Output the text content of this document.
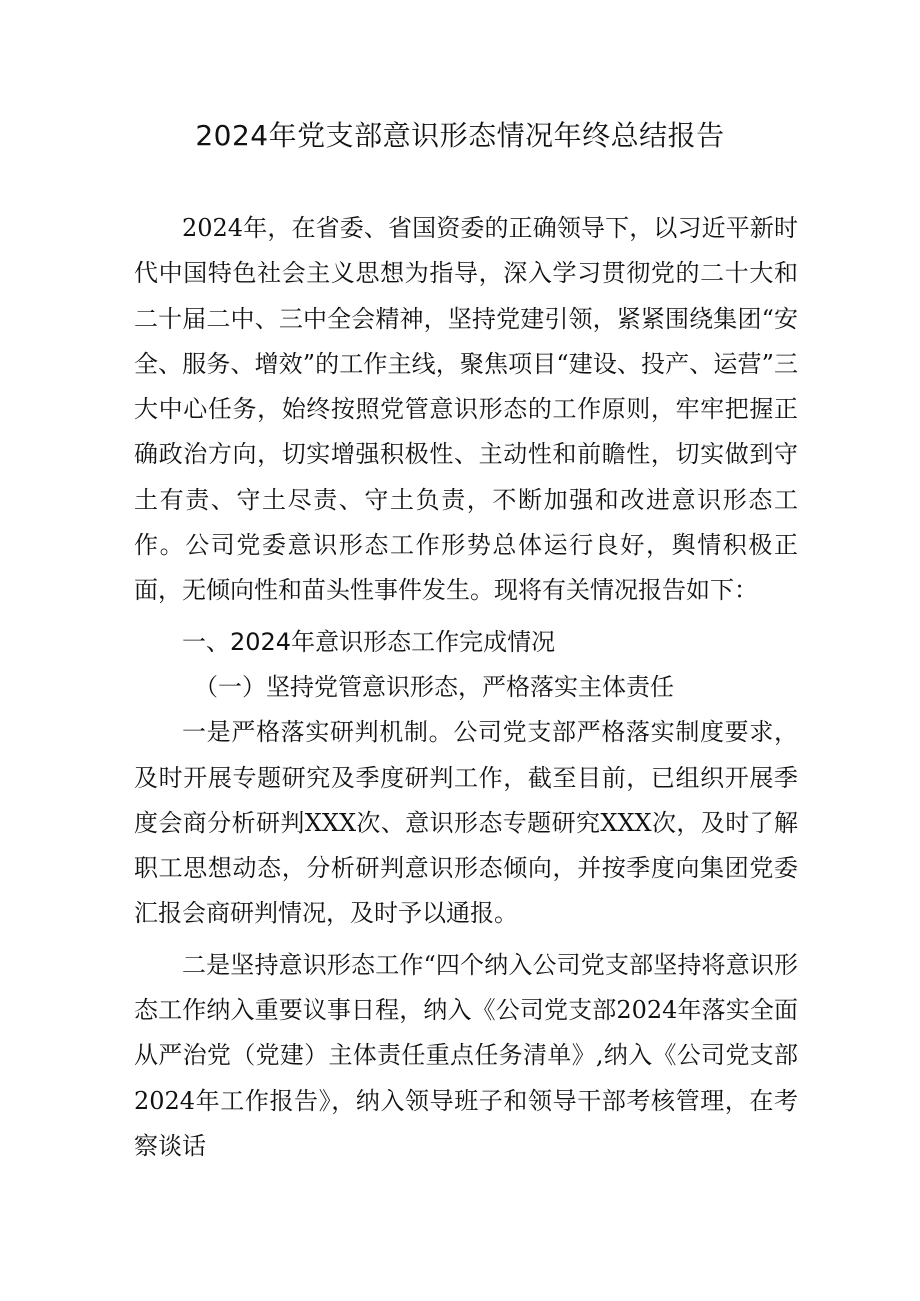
2024年党支部意识形态情况年终总结报告

2024年，在省委、省国资委的正确领导下，以习近平新时代中国特色社会主义思想为指导，深入学习贯彻党的二十大和二十届二中、三中全会精神，坚持党建引领，紧紧围绕集团“安全、服务、增效”的工作主线，聚焦项目“建设、投产、运营”三大中心任务，始终按照党管意识形态的工作原则，牢牢把握正确政治方向，切实增强积极性、主动性和前瞻性，切实做到守土有责、守土尽责、守土负责，不断加强和改进意识形态工作。公司党委意识形态工作形势总体运行良好，舆情积极正面，无倾向性和苗头性事件发生。现将有关情况报告如下：

一、2024年意识形态工作完成情况

（一）坚持党管意识形态，严格落实主体责任

一是严格落实研判机制。公司党支部严格落实制度要求，及时开展专题研究及季度研判工作，截至目前，已组织开展季度会商分析研判XXX次、意识形态专题研究XXX次，及时了解职工思想动态，分析研判意识形态倾向，并按季度向集团党委汇报会商研判情况，及时予以通报。

二是坚持意识形态工作“四个纳入公司党支部坚持将意识形态工作纳入重要议事日程，纳入《公司党支部2024年落实全面从严治党（党建）主体责任重点任务清单》,纳入《公司党支部2024年工作报告》，纳入领导班子和领导干部考核管理，在考察谈话
